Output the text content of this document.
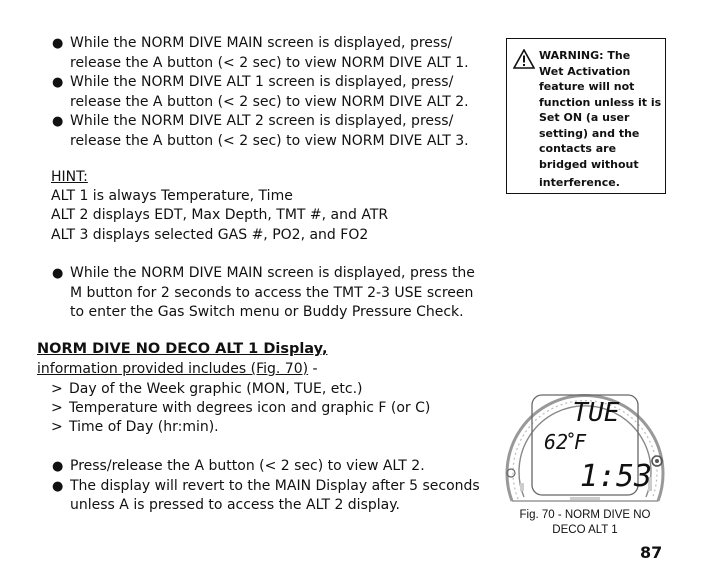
● While the NORM DIVE MAIN screen is displayed, press/
release the A button (< 2 sec) to view NORM DIVE ALT 1.
● While the NORM DIVE ALT 1 screen is displayed, press/
release the A button (< 2 sec) to view NORM DIVE ALT 2.
● While the NORM DIVE ALT 2 screen is displayed, press/
release the A button (< 2 sec) to view NORM DIVE ALT 3.
HINT:
ALT 1 is always Temperature, Time
ALT 2 displays EDT, Max Depth, TMT #, and ATR
ALT 3 displays selected GAS #, PO2, and FO2
● While the NORM DIVE MAIN screen is displayed, press the
M button for 2 seconds to access the TMT 2-3 USE screen
to enter the Gas Switch menu or Buddy Pressure Check.
NORM DIVE NO DECO ALT 1 Display,
information provided includes (Fig. 70) -
> Day of the Week graphic (MON, TUE, etc.)
> Temperature with degrees icon and graphic F (or C)
> Time of Day (hr:min).
● Press/release the A button (< 2 sec) to view ALT 2.
● The display will revert to the MAIN Display after 5 seconds
unless A is pressed to access the ALT 2 display.
WARNING: The
Wet Activation
feature will not
function unless it is
Set ON (a user
setting) and the
contacts are
bridged without
interference.
TUE
62 F
1:53
Fig. 70 - NORM DIVE NO
DECO ALT 1
87
